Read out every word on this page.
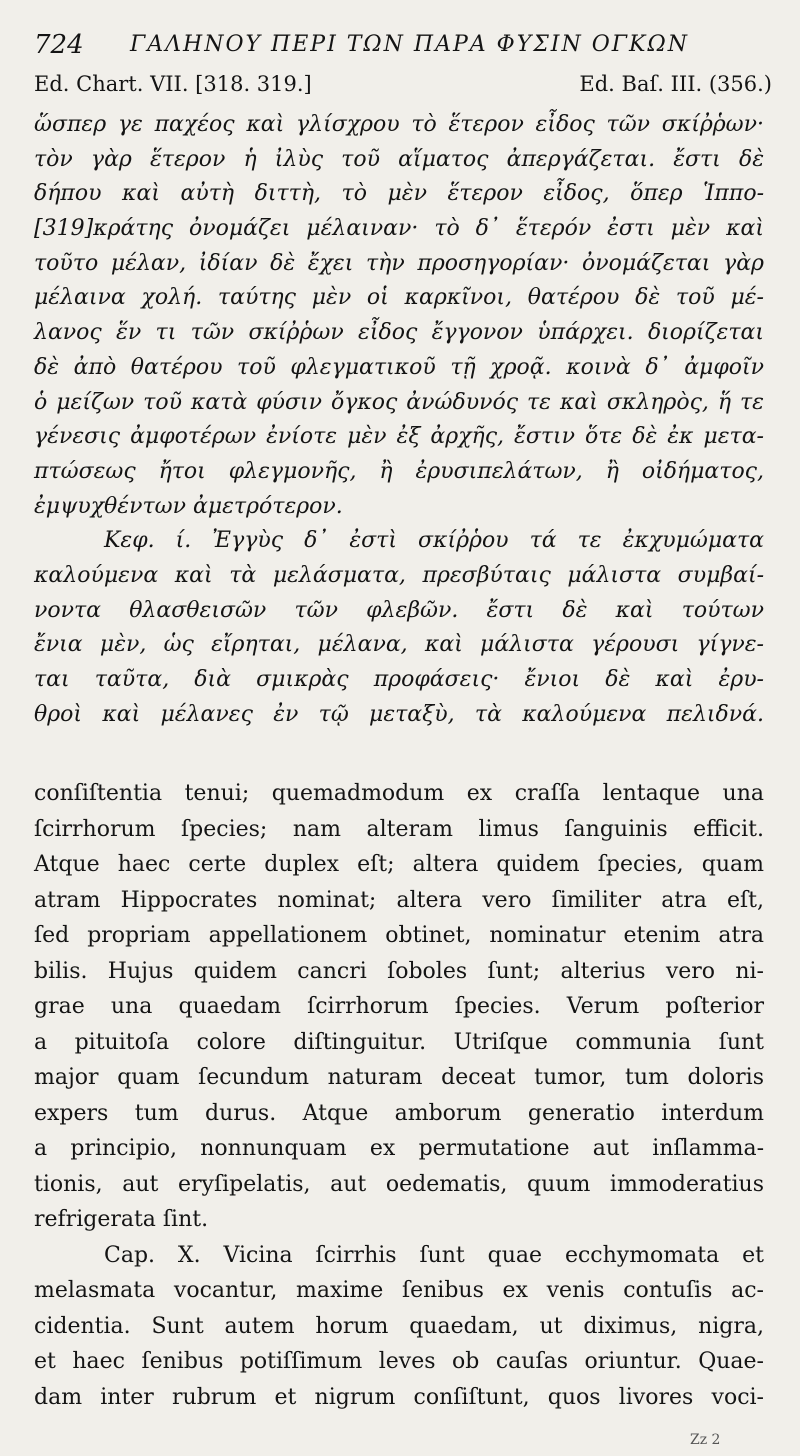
724 ΓΑΛΗΝΟΥ ΠΕΡΙ ΤΩΝ ΠΑΡΑ ΦΥΣΙΝ ΟΓΚΩΝ
Ed. Chart. VII. [318. 319.]	Ed. Baſ. III. (356.)
ὥσπερ γε παχέος καὶ γλίσχρου τὸ ἕτερον εἶδος τῶν σκίῤῥων·
τὸν γὰρ ἕτερον ἡ ἰλὺς τοῦ αἵματος ἀπεργάζεται. ἔστι δὲ
δήπου καὶ αὐτὴ διττὴ, τὸ μὲν ἕτερον εἶδος, ὅπερ Ἱππο-
[319]κράτης ὀνομάζει μέλαιναν· τὸ δ᾽ ἕτερόν ἐστι μὲν καὶ
τοῦτο μέλαν, ἰδίαν δὲ ἔχει τὴν προσηγορίαν· ὀνομάζεται γὰρ
μέλαινα χολή. ταύτης μὲν οἱ καρκῖνοι, θατέρου δὲ τοῦ μέ-
λανος ἕν τι τῶν σκίῤῥων εἶδος ἔγγονον ὑπάρχει. διορίζεται
δὲ ἀπὸ θατέρου τοῦ φλεγματικοῦ τῇ χροᾷ. κοινὰ δ᾽ ἀμφοῖν
ὁ μείζων τοῦ κατὰ φύσιν ὄγκος ἀνώδυνός τε καὶ σκληρὸς, ἥ τε
γένεσις ἀμφοτέρων ἐνίοτε μὲν ἐξ ἀρχῆς, ἔστιν ὅτε δὲ ἐκ μετα-
πτώσεως ἤτοι φλεγμονῆς, ἢ ἐρυσιπελάτων, ἢ οἰδήματος,
ἐμψυχθέντων ἀμετρότερον.
Κεφ. ί. Ἐγγὺς δ᾽ ἐστὶ σκίῤῥου τά τε ἐκχυμώματα
καλούμενα καὶ τὰ μελάσματα, πρεσβύταις μάλιστα συμβαί-
νοντα θλασθεισῶν τῶν φλεβῶν. ἔστι δὲ καὶ τούτων
ἔνια μὲν, ὡς εἴρηται, μέλανα, καὶ μάλιστα γέρουσι γίγνε-
ται ταῦτα, διὰ σμικρὰς προφάσεις· ἔνιοι δὲ καὶ ἐρυ-
θροὶ καὶ μέλανες ἐν τῷ μεταξὺ, τὰ καλούμενα πελιδνά.
conſiſtentia tenui; quemadmodum ex craſſa lentaque una
ſcirrhorum ſpecies; nam alteram limus ſanguinis efficit.
Atque haec certe duplex eſt; altera quidem ſpecies, quam
atram Hippocrates nominat; altera vero ſimiliter atra eſt,
ſed propriam appellationem obtinet, nominatur etenim atra
bilis. Hujus quidem cancri ſoboles ſunt; alterius vero ni-
grae una quaedam ſcirrhorum ſpecies. Verum poſterior
a pituitoſa colore diſtinguitur. Utriſque communia ſunt
major quam ſecundum naturam deceat tumor, tum doloris
expers tum durus. Atque amborum generatio interdum
a principio, nonnunquam ex permutatione aut inſlamma-
tionis, aut eryſipelatis, aut oedematis, quum immoderatius
refrigerata ſint.
Cap. X. Vicina ſcirrhis ſunt quae ecchymomata et
melasmata vocantur, maxime ſenibus ex venis contuſis ac-
cidentia. Sunt autem horum quaedam, ut diximus, nigra,
et haec ſenibus potiſſimum leves ob cauſas oriuntur. Quae-
dam inter rubrum et nigrum conſiſtunt, quos livores voci-
Zz 2
